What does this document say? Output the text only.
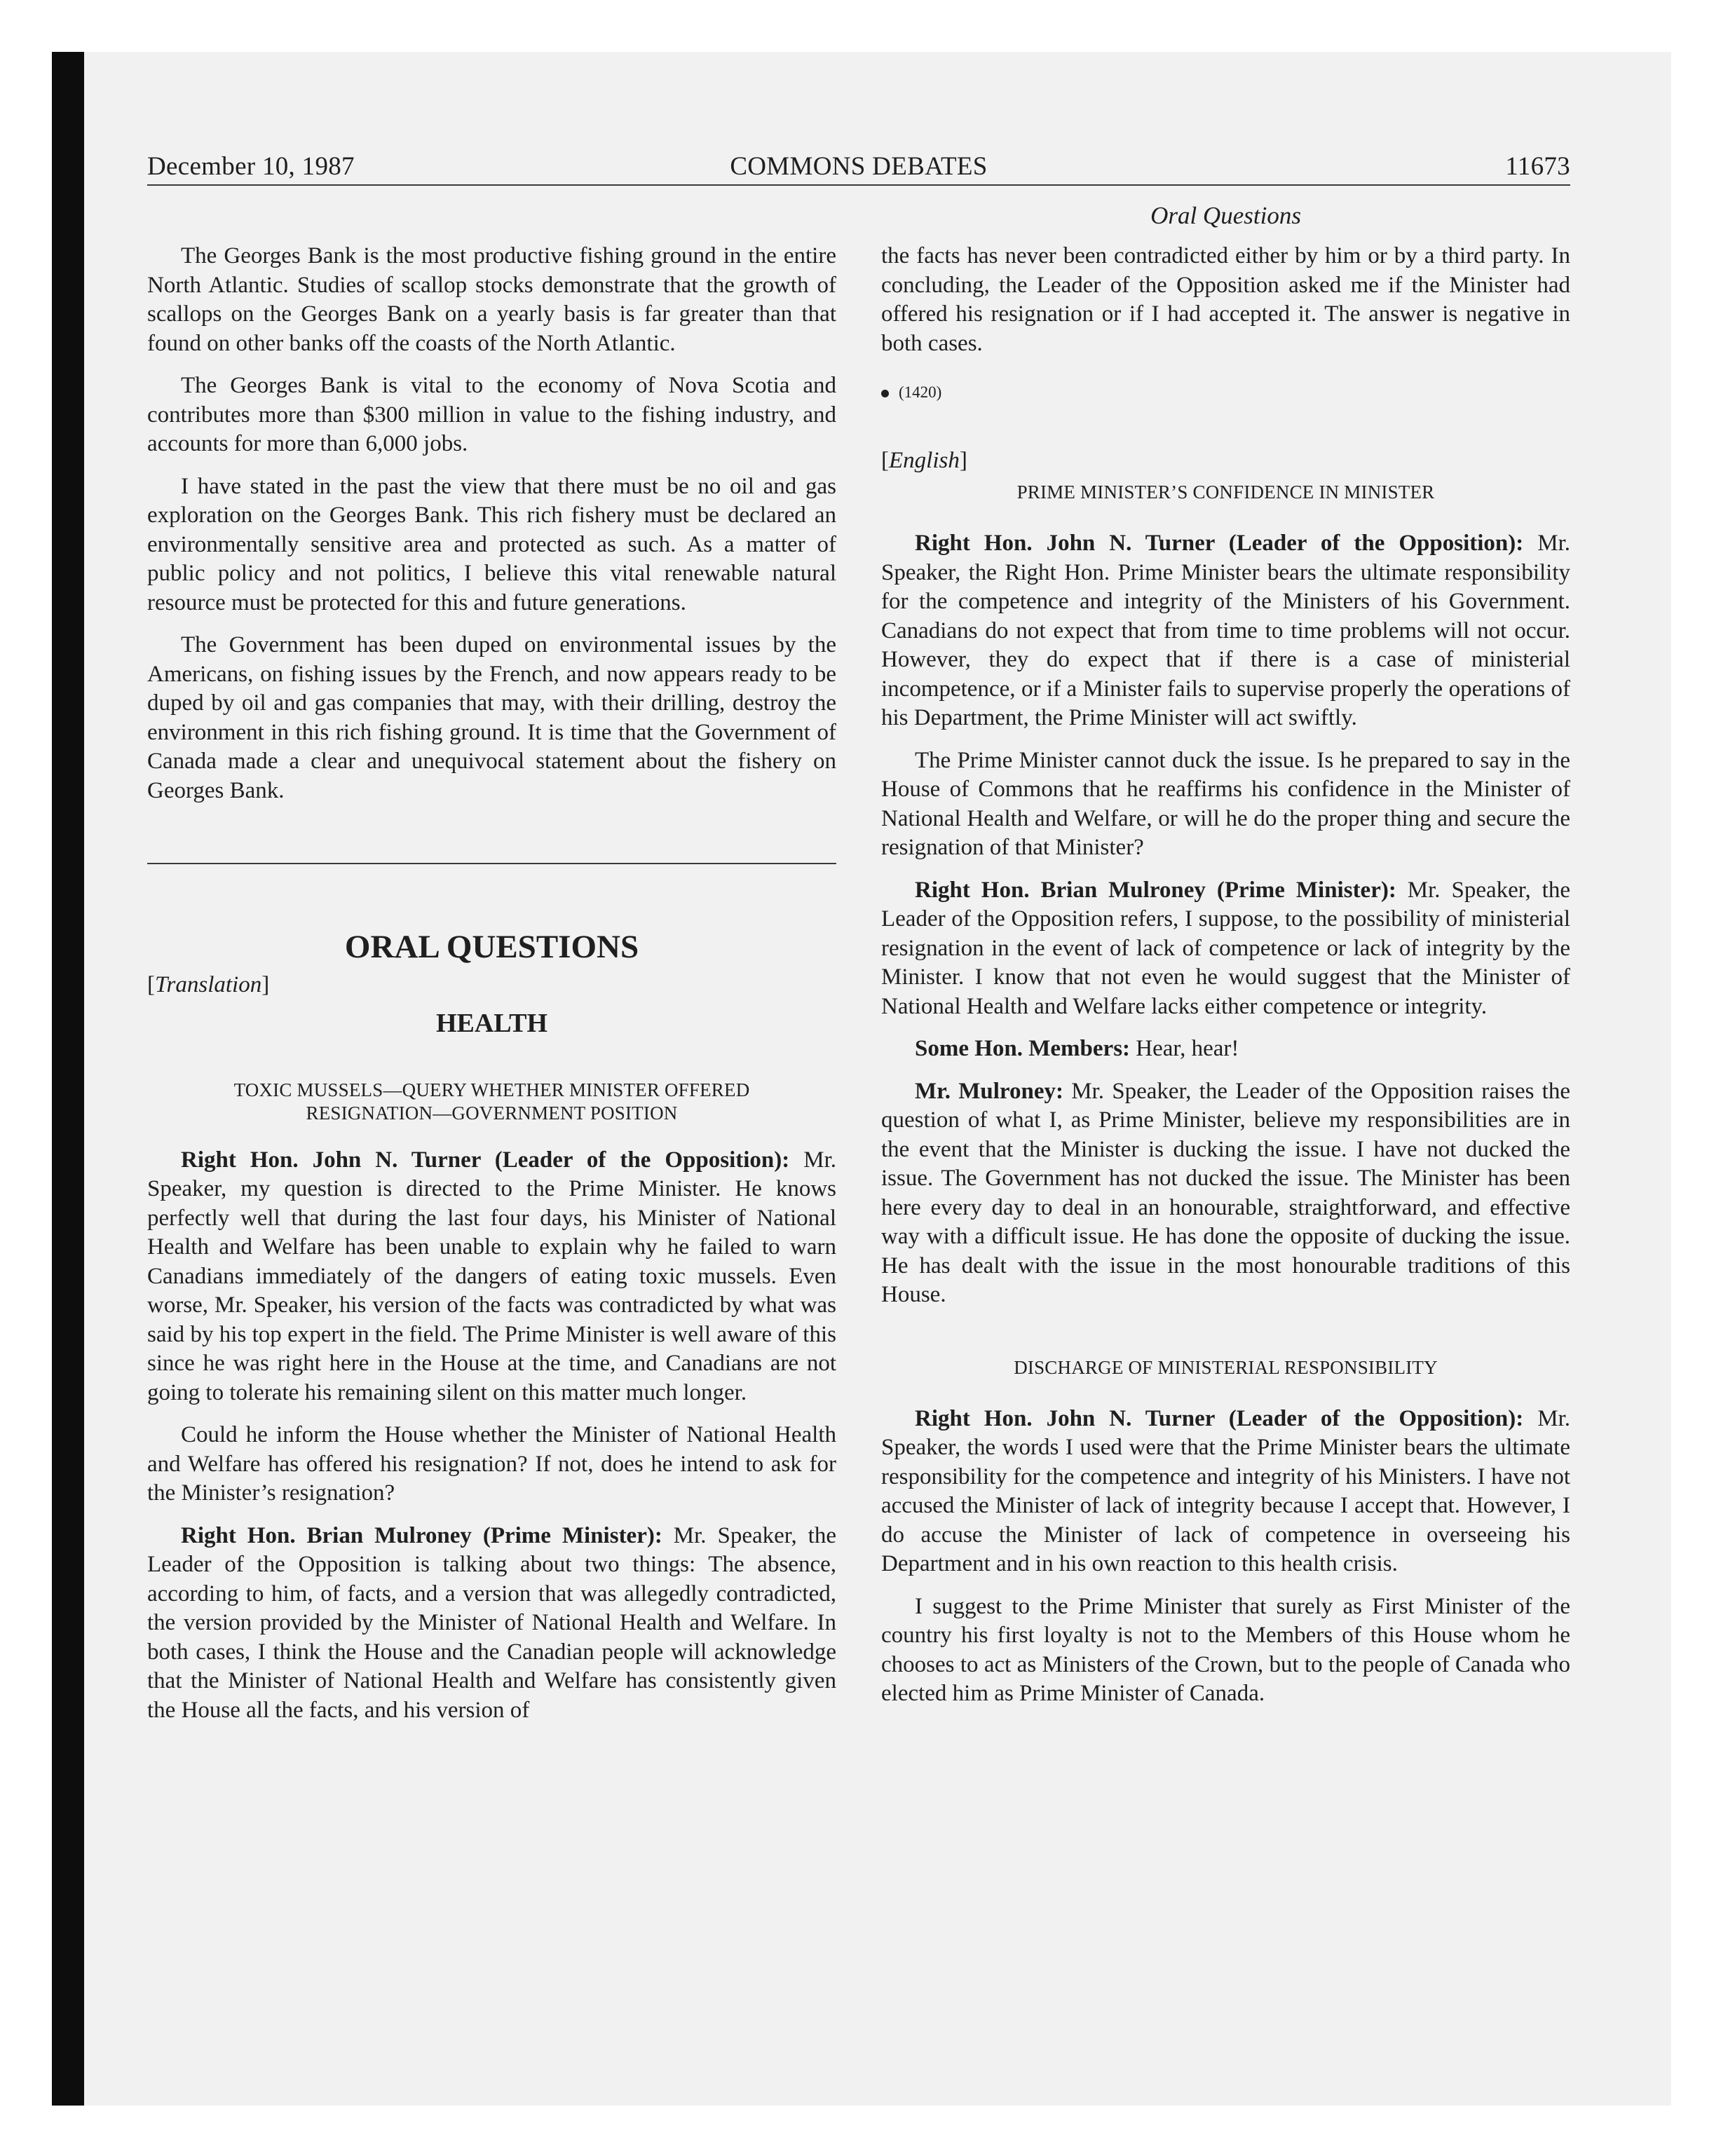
December 10, 1987	COMMONS DEBATES	11673
Oral Questions

The Georges Bank is the most productive fishing ground in the entire North Atlantic. Studies of scallop stocks demonstrate that the growth of scallops on the Georges Bank on a yearly basis is far greater than that found on other banks off the coasts of the North Atlantic.

The Georges Bank is vital to the economy of Nova Scotia and contributes more than $300 million in value to the fishing industry, and accounts for more than 6,000 jobs.

I have stated in the past the view that there must be no oil and gas exploration on the Georges Bank. This rich fishery must be declared an environmentally sensitive area and protected as such. As a matter of public policy and not politics, I believe this vital renewable natural resource must be protected for this and future generations.

The Government has been duped on environmental issues by the Americans, on fishing issues by the French, and now appears ready to be duped by oil and gas companies that may, with their drilling, destroy the environment in this rich fishing ground. It is time that the Government of Canada made a clear and unequivocal statement about the fishery on Georges Bank.

ORAL QUESTIONS

[Translation]

HEALTH

TOXIC MUSSELS—QUERY WHETHER MINISTER OFFERED RESIGNATION—GOVERNMENT POSITION

Right Hon. John N. Turner (Leader of the Opposition): Mr. Speaker, my question is directed to the Prime Minister. He knows perfectly well that during the last four days, his Minister of National Health and Welfare has been unable to explain why he failed to warn Canadians immediately of the dangers of eating toxic mussels. Even worse, Mr. Speaker, his version of the facts was contradicted by what was said by his top expert in the field. The Prime Minister is well aware of this since he was right here in the House at the time, and Canadians are not going to tolerate his remaining silent on this matter much longer.

Could he inform the House whether the Minister of National Health and Welfare has offered his resignation? If not, does he intend to ask for the Minister’s resignation?

Right Hon. Brian Mulroney (Prime Minister): Mr. Speaker, the Leader of the Opposition is talking about two things: The absence, according to him, of facts, and a version that was allegedly contradicted, the version provided by the Minister of National Health and Welfare. In both cases, I think the House and the Canadian people will acknowledge that the Minister of National Health and Welfare has consistently given the House all the facts, and his version of

the facts has never been contradicted either by him or by a third party. In concluding, the Leader of the Opposition asked me if the Minister had offered his resignation or if I had accepted it. The answer is negative in both cases.

(1420)

[English]

PRIME MINISTER’S CONFIDENCE IN MINISTER

Right Hon. John N. Turner (Leader of the Opposition): Mr. Speaker, the Right Hon. Prime Minister bears the ultimate responsibility for the competence and integrity of the Ministers of his Government. Canadians do not expect that from time to time problems will not occur. However, they do expect that if there is a case of ministerial incompetence, or if a Minister fails to supervise properly the operations of his Department, the Prime Minister will act swiftly.

The Prime Minister cannot duck the issue. Is he prepared to say in the House of Commons that he reaffirms his confidence in the Minister of National Health and Welfare, or will he do the proper thing and secure the resignation of that Minister?

Right Hon. Brian Mulroney (Prime Minister): Mr. Speaker, the Leader of the Opposition refers, I suppose, to the possibility of ministerial resignation in the event of lack of competence or lack of integrity by the Minister. I know that not even he would suggest that the Minister of National Health and Welfare lacks either competence or integrity.

Some Hon. Members: Hear, hear!

Mr. Mulroney: Mr. Speaker, the Leader of the Opposition raises the question of what I, as Prime Minister, believe my responsibilities are in the event that the Minister is ducking the issue. I have not ducked the issue. The Government has not ducked the issue. The Minister has been here every day to deal in an honourable, straightforward, and effective way with a difficult issue. He has done the opposite of ducking the issue. He has dealt with the issue in the most honourable traditions of this House.

DISCHARGE OF MINISTERIAL RESPONSIBILITY

Right Hon. John N. Turner (Leader of the Opposition): Mr. Speaker, the words I used were that the Prime Minister bears the ultimate responsibility for the competence and integrity of his Ministers. I have not accused the Minister of lack of integrity because I accept that. However, I do accuse the Minister of lack of competence in overseeing his Department and in his own reaction to this health crisis.

I suggest to the Prime Minister that surely as First Minister of the country his first loyalty is not to the Members of this House whom he chooses to act as Ministers of the Crown, but to the people of Canada who elected him as Prime Minister of Canada.
